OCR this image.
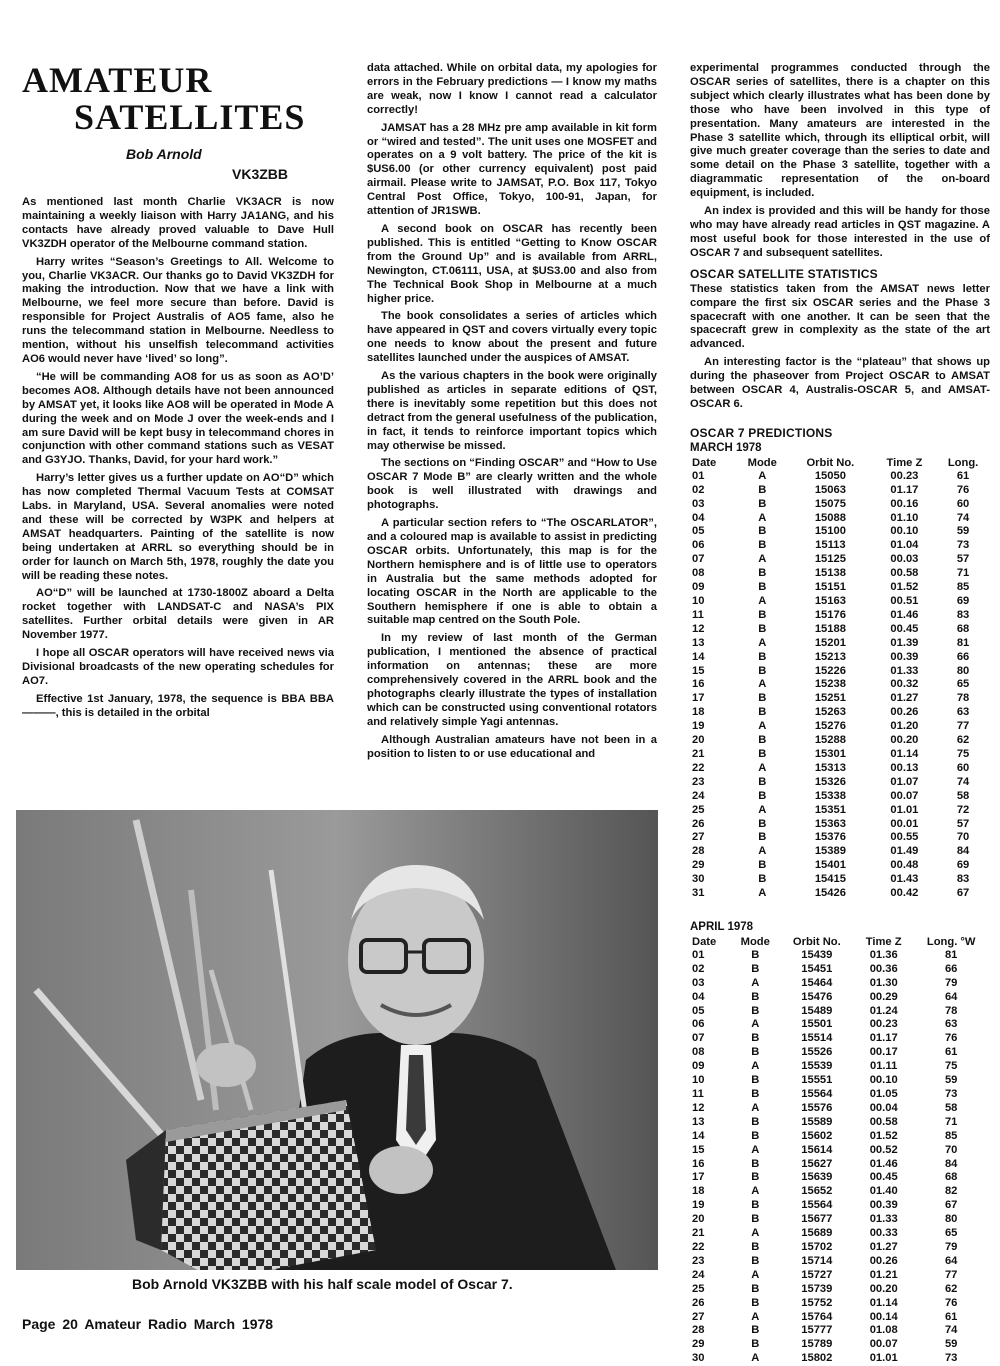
AMATEUR
SATELLITES
Bob Arnold
VK3ZBB

As mentioned last month Charlie VK3ACR is now maintaining a weekly liaison with Harry JA1ANG, and his contacts have already proved valuable to Dave Hull VK3ZDH operator of the Melbourne command station.

Harry writes “Season’s Greetings to All. Welcome to you, Charlie VK3ACR. Our thanks go to David VK3ZDH for making the introduction. Now that we have a link with Melbourne, we feel more secure than before. David is responsible for Project Australis of AO5 fame, also he runs the telecommand station in Melbourne. Needless to mention, without his unselfish telecommand activities AO6 would never have ‘lived’ so long”.

“He will be commanding AO8 for us as soon as AO’D’ becomes AO8. Although details have not been announced by AMSAT yet, it looks like AO8 will be operated in Mode A during the week and on Mode J over the week-ends and I am sure David will be kept busy in telecommand chores in conjunction with other command stations such as VESAT and G3YJO. Thanks, David, for your hard work.”

Harry’s letter gives us a further update on AO“D” which has now completed Thermal Vacuum Tests at COMSAT Labs. in Maryland, USA. Several anomalies were noted and these will be corrected by W3PK and helpers at AMSAT headquarters. Painting of the satellite is now being undertaken at ARRL so everything should be in order for launch on March 5th, 1978, roughly the date you will be reading these notes.

AO“D” will be launched at 1730-1800Z aboard a Delta rocket together with LANDSAT-C and NASA’s PIX satellites. Further orbital details were given in AR November 1977.

I hope all OSCAR operators will have received news via Divisional broadcasts of the new operating schedules for AO7.

Effective 1st January, 1978, the sequence is BBA BBA ———, this is detailed in the orbital

data attached. While on orbital data, my apologies for errors in the February predictions — I know my maths are weak, now I know I cannot read a calculator correctly!

JAMSAT has a 28 MHz pre amp available in kit form or “wired and tested”. The unit uses one MOSFET and operates on a 9 volt battery. The price of the kit is $US6.00 (or other currency equivalent) post paid airmail. Please write to JAMSAT, P.O. Box 117, Tokyo Central Post Office, Tokyo, 100-91, Japan, for attention of JR1SWB.

A second book on OSCAR has recently been published. This is entitled “Getting to Know OSCAR from the Ground Up” and is available from ARRL, Newington, CT.06111, USA, at $US3.00 and also from The Technical Book Shop in Melbourne at a much higher price.

The book consolidates a series of articles which have appeared in QST and covers virtually every topic one needs to know about the present and future satellites launched under the auspices of AMSAT.

As the various chapters in the book were originally published as articles in separate editions of QST, there is inevitably some repetition but this does not detract from the general usefulness of the publication, in fact, it tends to reinforce important topics which may otherwise be missed.

The sections on “Finding OSCAR” and “How to Use OSCAR 7 Mode B” are clearly written and the whole book is well illustrated with drawings and photographs.

A particular section refers to “The OSCARLATOR”, and a coloured map is available to assist in predicting OSCAR orbits. Unfortunately, this map is for the Northern hemisphere and is of little use to operators in Australia but the same methods adopted for locating OSCAR in the North are applicable to the Southern hemisphere if one is able to obtain a suitable map centred on the South Pole.

In my review of last month of the German publication, I mentioned the absence of practical information on antennas; these are more comprehensively covered in the ARRL book and the photographs clearly illustrate the types of installation which can be constructed using conventional rotators and relatively simple Yagi antennas.

Although Australian amateurs have not been in a position to listen to or use educational and

experimental programmes conducted through the OSCAR series of satellites, there is a chapter on this subject which clearly illustrates what has been done by those who have been involved in this type of presentation. Many amateurs are interested in the Phase 3 satellite which, through its elliptical orbit, will give much greater coverage than the series to date and some detail on the Phase 3 satellite, together with a diagrammatic representation of the on-board equipment, is included.

An index is provided and this will be handy for those who may have already read articles in QST magazine. A most useful book for those interested in the use of OSCAR 7 and subsequent satellites.

OSCAR SATELLITE STATISTICS

These statistics taken from the AMSAT news letter compare the first six OSCAR series and the Phase 3 spacecraft with one another. It can be seen that the spacecraft grew in complexity as the state of the art advanced.

An interesting factor is the “plateau” that shows up during the phaseover from Project OSCAR to AMSAT between OSCAR 4, Australis-OSCAR 5, and AMSAT-OSCAR 6.

OSCAR 7 PREDICTIONS
MARCH 1978
Date	Mode	Orbit No.	Time Z	Long.
01	A	15050	00.23	61
02	B	15063	01.17	76
03	B	15075	00.16	60
04	A	15088	01.10	74
05	B	15100	00.10	59
06	B	15113	01.04	73
07	A	15125	00.03	57
08	B	15138	00.58	71
09	B	15151	01.52	85
10	A	15163	00.51	69
11	B	15176	01.46	83
12	B	15188	00.45	68
13	A	15201	01.39	81
14	B	15213	00.39	66
15	B	15226	01.33	80
16	A	15238	00.32	65
17	B	15251	01.27	78
18	B	15263	00.26	63
19	A	15276	01.20	77
20	B	15288	00.20	62
21	B	15301	01.14	75
22	A	15313	00.13	60
23	B	15326	01.07	74
24	B	15338	00.07	58
25	A	15351	01.01	72
26	B	15363	00.01	57
27	B	15376	00.55	70
28	A	15389	01.49	84
29	B	15401	00.48	69
30	B	15415	01.43	83
31	A	15426	00.42	67
APRIL 1978
Date	Mode	Orbit No.	Time Z	Long. °W
01	B	15439	01.36	81
02	B	15451	00.36	66
03	A	15464	01.30	79
04	B	15476	00.29	64
05	B	15489	01.24	78
06	A	15501	00.23	63
07	B	15514	01.17	76
08	B	15526	00.17	61
09	A	15539	01.11	75
10	B	15551	00.10	59
11	B	15564	01.05	73
12	A	15576	00.04	58
13	B	15589	00.58	71
14	B	15602	01.52	85
15	A	15614	00.52	70
16	B	15627	01.46	84
17	B	15639	00.45	68
18	A	15652	01.40	82
19	B	15564	00.39	67
20	B	15677	01.33	80
21	A	15689	00.33	65
22	B	15702	01.27	79
23	B	15714	00.26	64
24	A	15727	01.21	77
25	B	15739	00.20	62
26	B	15752	01.14	76
27	A	15764	00.14	61
28	B	15777	01.08	74
29	B	15789	00.07	59
30	A	15802	01.01	73
Bob Arnold VK3ZBB with his half scale model of Oscar 7.
Page 20 Amateur Radio March 1978
